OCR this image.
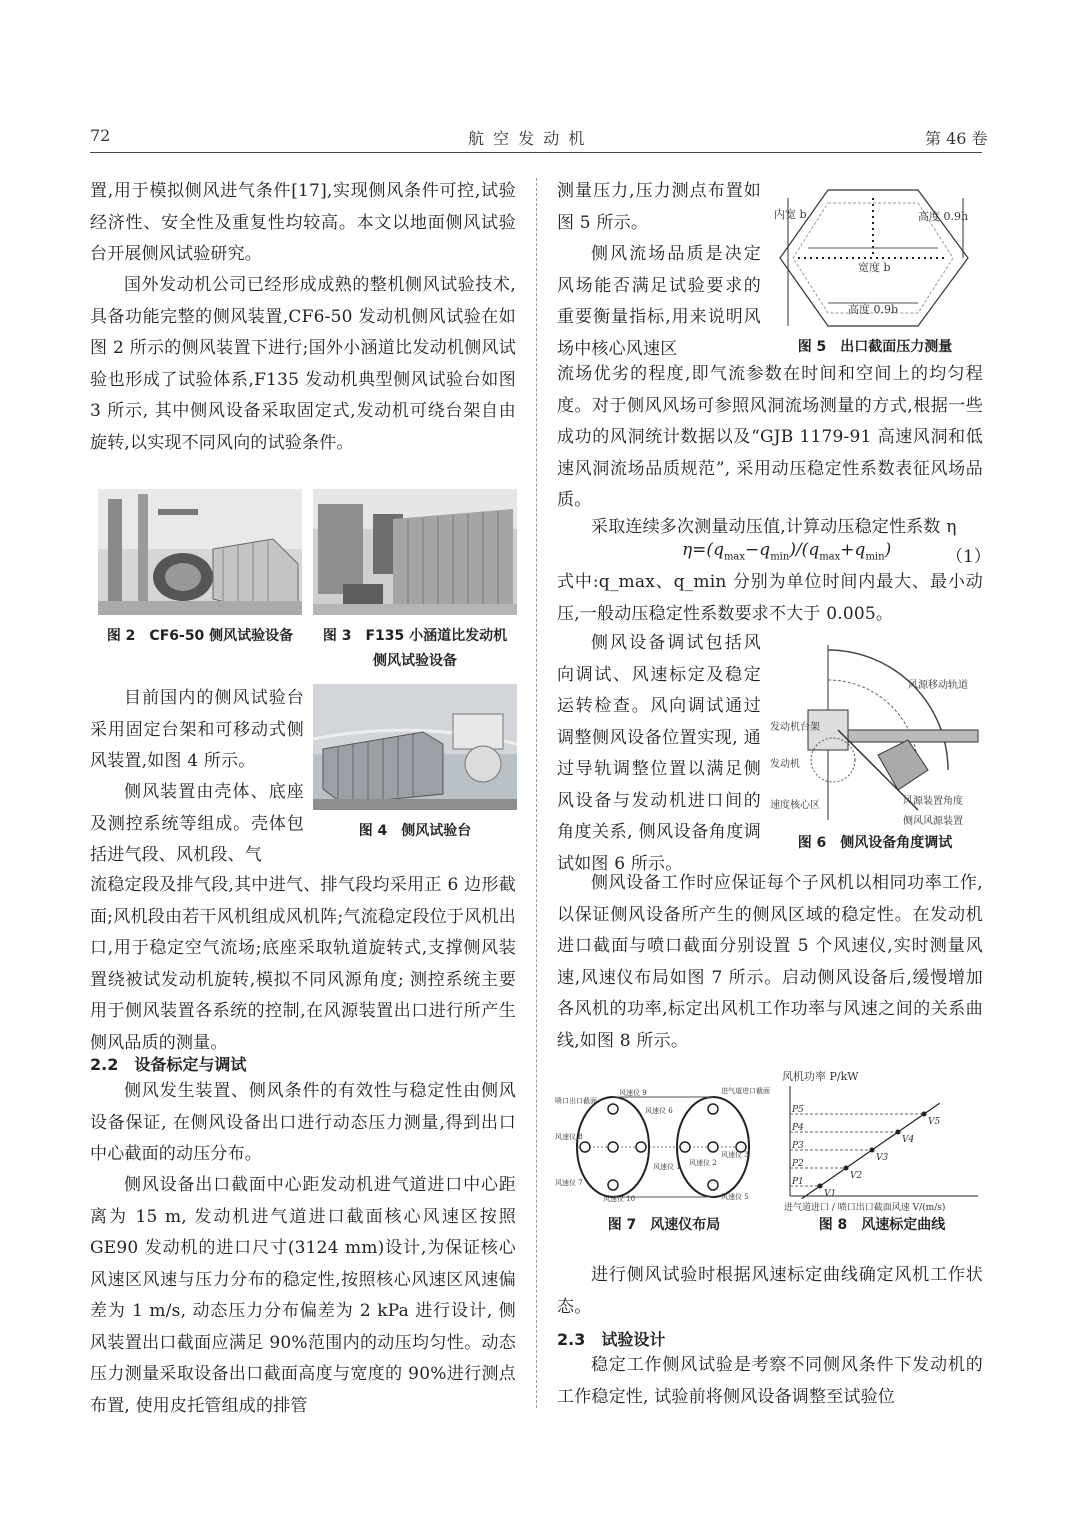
72	航 空 发 动 机	第 46 卷

置,用于模拟侧风进气条件[17],实现侧风条件可控,试验经济性、安全性及重复性均较高。本文以地面侧风试验台开展侧风试验研究。

国外发动机公司已经形成成熟的整机侧风试验技术,具备功能完整的侧风装置,CF6-50 发动机侧风试验在如图 2 所示的侧风装置下进行;国外小涵道比发动机侧风试验也形成了试验体系,F135 发动机典型侧风试验台如图 3 所示, 其中侧风设备采取固定式,发动机可绕台架自由旋转,以实现不同风向的试验条件。

图 2　CF6-50 侧风试验设备	图 3　F135 小涵道比发动机
侧风试验设备

目前国内的侧风试验台采用固定台架和可移动式侧风装置,如图 4 所示。

图 4　侧风试验台

侧风装置由壳体、底座及测控系统等组成。壳体包括进气段、风机段、气

流稳定段及排气段,其中进气、排气段均采用正 6 边形截面;风机段由若干风机组成风机阵;气流稳定段位于风机出口,用于稳定空气流场;底座采取轨道旋转式,支撑侧风装置绕被试发动机旋转,模拟不同风源角度; 测控系统主要用于侧风装置各系统的控制,在风源装置出口进行所产生侧风品质的测量。

2.2　设备标定与调试

侧风发生装置、侧风条件的有效性与稳定性由侧风设备保证, 在侧风设备出口进行动态压力测量,得到出口中心截面的动压分布。

侧风设备出口截面中心距发动机进气道进口中心距离为 15 m, 发动机进气道进口截面核心风速区按照 GE90 发动机的进口尺寸(3124 mm)设计,为保证核心风速区风速与压力分布的稳定性,按照核心风速区风速偏差为 1 m/s, 动态压力分布偏差为 2 kPa 进行设计, 侧风装置出口截面应满足 90%范围内的动压均匀性。动态压力测量采取设备出口截面高度与宽度的 90%进行测点布置, 使用皮托管组成的排管

测量压力,压力测点布置如图 5 所示。

侧风流场品质是决定风场能否满足试验要求的重要衡量指标,用来说明风场中核心风速区

内宽 b	高度 0.9h
宽度 b
高度 0.9b
图 5　出口截面压力测量

流场优劣的程度,即气流参数在时间和空间上的均匀程度。对于侧风风场可参照风洞流场测量的方式,根据一些成功的风洞统计数据以及“GJB 1179-91 高速风洞和低速风洞流场品质规范”, 采用动压稳定性系数表征风场品质。

采取连续多次测量动压值,计算动压稳定性系数 η

$\eta=(q_{max}-q_{min})/(q_{max}+q_{min})$	（1）

式中:q_max、q_min 分别为单位时间内最大、最小动压,一般动压稳定性系数要求不大于 0.005。

侧风设备调试包括风向调试、风速标定及稳定运转检查。风向调试通过调整侧风设备位置实现, 通过导轨调整位置以满足侧风设备与发动机进口间的角度关系, 侧风设备角度调试如图 6 所示。

风源移动轨道
发动机台架
发动机
风源装置角度
速度核心区
侧风风源装置
图 6　侧风设备角度调试

侧风设备工作时应保证每个子风机以相同功率工作, 以保证侧风设备所产生的侧风区域的稳定性。在发动机进口截面与喷口截面分别设置 5 个风速仪,实时测量风速,风速仪布局如图 7 所示。启动侧风设备后,缓慢增加各风机的功率,标定出风机工作功率与风速之间的关系曲线,如图 8 所示。

喷口出口截面
风速仪 9
风速仪 6
进气道进口截面
风速仪 8
风速仪 7
风速仪 10
风速仪 1 风速仪 2
风速仪 3
风速仪 5
图 7　风速仪布局
风机功率 P/kW
P1
V1
P2
V2
P3
V3
P4
V4
P5
V5
进气道进口 / 喷口出口截面风速 V/(m/s)
图 8　风速标定曲线

进行侧风试验时根据风速标定曲线确定风机工作状态。

2.3　试验设计

稳定工作侧风试验是考察不同侧风条件下发动机的工作稳定性, 试验前将侧风设备调整至试验位
